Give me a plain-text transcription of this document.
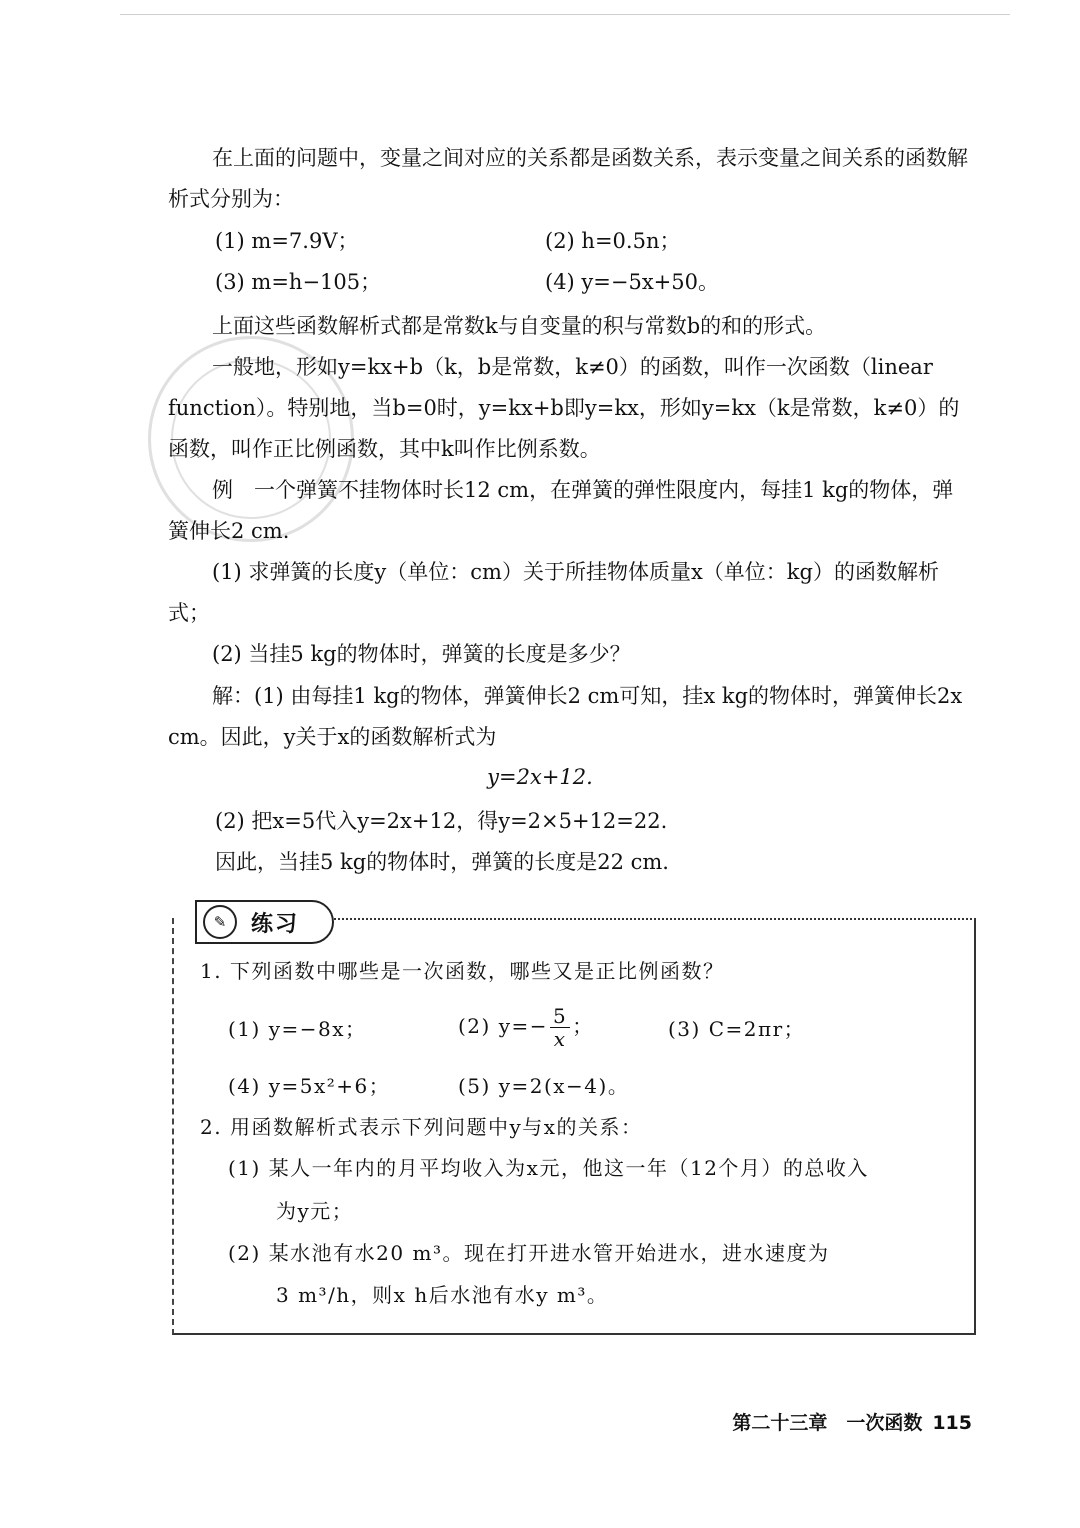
在上面的问题中，变量之间对应的关系都是函数关系，表示变量之间关系的函数解析式分别为：

(1) m=7.9V；	(2) h=0.5n；
(3) m=h−105；	(4) y=−5x+50。

上面这些函数解析式都是常数k与自变量的积与常数b的和的形式。

一般地，形如y=kx+b（k，b是常数，k≠0）的函数，叫作一次函数（linear function）。特别地，当b=0时，y=kx+b即y=kx，形如y=kx（k是常数，k≠0）的函数，叫作正比例函数，其中k叫作比例系数。

例　一个弹簧不挂物体时长12 cm，在弹簧的弹性限度内，每挂1 kg的物体，弹簧伸长2 cm.

(1) 求弹簧的长度y（单位：cm）关于所挂物体质量x（单位：kg）的函数解析式；

(2) 当挂5 kg的物体时，弹簧的长度是多少？

解：(1) 由每挂1 kg的物体，弹簧伸长2 cm可知，挂x kg的物体时，弹簧伸长2x cm。因此，y关于x的函数解析式为

y=2x+12.
(2) 把x=5代入y=2x+12，得y=2×5+12=22.
因此，当挂5 kg的物体时，弹簧的长度是22 cm.
✎	练习
1. 下列函数中哪些是一次函数，哪些又是正比例函数？
(1) y=−8x；	(2) $y=- \frac{5}{x}$ ；	(3) C=2πr；
(4) y=5x²+6；	(5) y=2(x−4)。
2. 用函数解析式表示下列问题中y与x的关系：
(1) 某人一年内的月平均收入为x元，他这一年（12个月）的总收入
为y元；
(2) 某水池有水20 m³。现在打开进水管开始进水，进水速度为
3 m³/h，则x h后水池有水y m³。
第二十三章　一次函数 115
